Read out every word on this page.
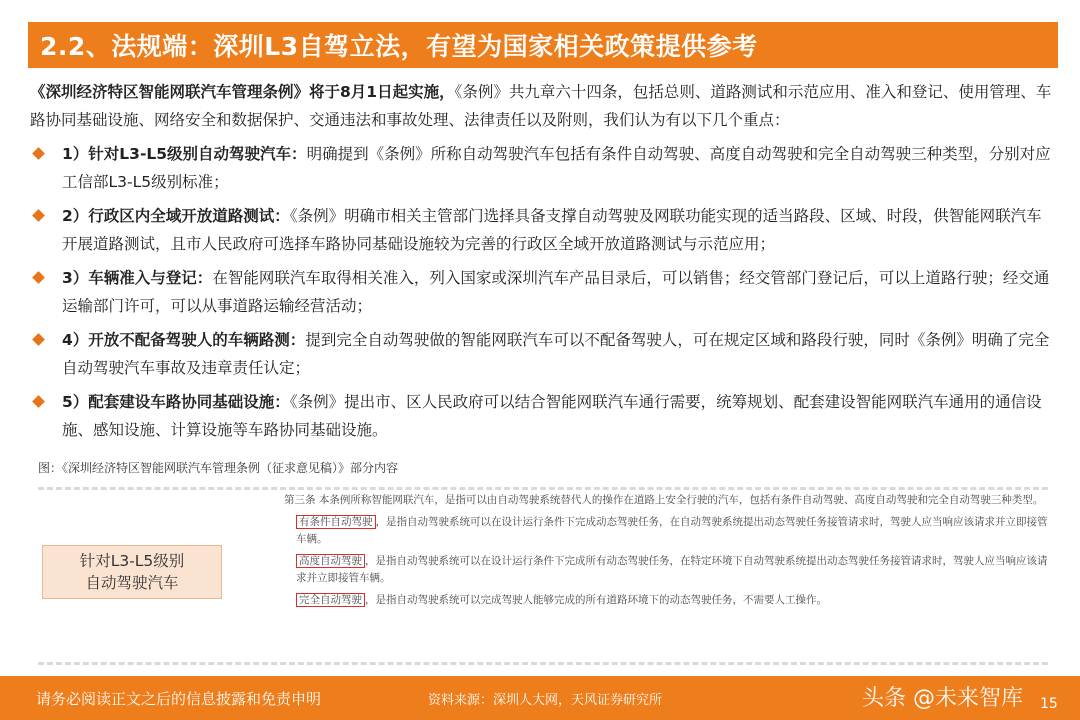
2.2、法规端：深圳L3自驾立法，有望为国家相关政策提供参考

《深圳经济特区智能网联汽车管理条例》将于8月1日起实施，《条例》共九章六十四条，包括总则、道路测试和示范应用、准入和登记、使用管理、车路协同基础设施、网络安全和数据保护、交通违法和事故处理、法律责任以及附则，我们认为有以下几个重点：

1）针对L3-L5级别自动驾驶汽车：明确提到《条例》所称自动驾驶汽车包括有条件自动驾驶、高度自动驾驶和完全自动驾驶三种类型，分别对应工信部L3-L5级别标准；
2）行政区内全域开放道路测试：《条例》明确市相关主管部门选择具备支撑自动驾驶及网联功能实现的适当路段、区域、时段，供智能网联汽车开展道路测试，且市人民政府可选择车路协同基础设施较为完善的行政区全域开放道路测试与示范应用；
3）车辆准入与登记：在智能网联汽车取得相关准入，列入国家或深圳汽车产品目录后，可以销售；经交管部门登记后，可以上道路行驶；经交通运输部门许可，可以从事道路运输经营活动；
4）开放不配备驾驶人的车辆路测：提到完全自动驾驶做的智能网联汽车可以不配备驾驶人，可在规定区域和路段行驶，同时《条例》明确了完全自动驾驶汽车事故及违章责任认定；
5）配套建设车路协同基础设施：《条例》提出市、区人民政府可以结合智能网联汽车通行需要，统筹规划、配套建设智能网联汽车通用的通信设施、感知设施、计算设施等车路协同基础设施。
图：《深圳经济特区智能网联汽车管理条例（征求意见稿）》部分内容
针对L3-L5级别
自动驾驶汽车

第三条 本条例所称智能网联汽车，是指可以由自动驾驶系统替代人的操作在道路上安全行驶的汽车，包括有条件自动驾驶、高度自动驾驶和完全自动驾驶三种类型。

有条件自动驾驶 ，是指自动驾驶系统可以在设计运行条件下完成动态驾驶任务，在自动驾驶系统提出动态驾驶任务接管请求时，驾驶人应当响应该请求并立即接管车辆。

高度自动驾驶 ，是指自动驾驶系统可以在设计运行条件下完成所有动态驾驶任务，在特定环境下自动驾驶系统提出动态驾驶任务接管请求时，驾驶人应当响应该请求并立即接管车辆。

完全自动驾驶 ，是指自动驾驶系统可以完成驾驶人能够完成的所有道路环境下的动态驾驶任务，不需要人工操作。

请务必阅读正文之后的信息披露和免责申明	资料来源：深圳人大网，天风证券研究所	头条 @未来智库 15
